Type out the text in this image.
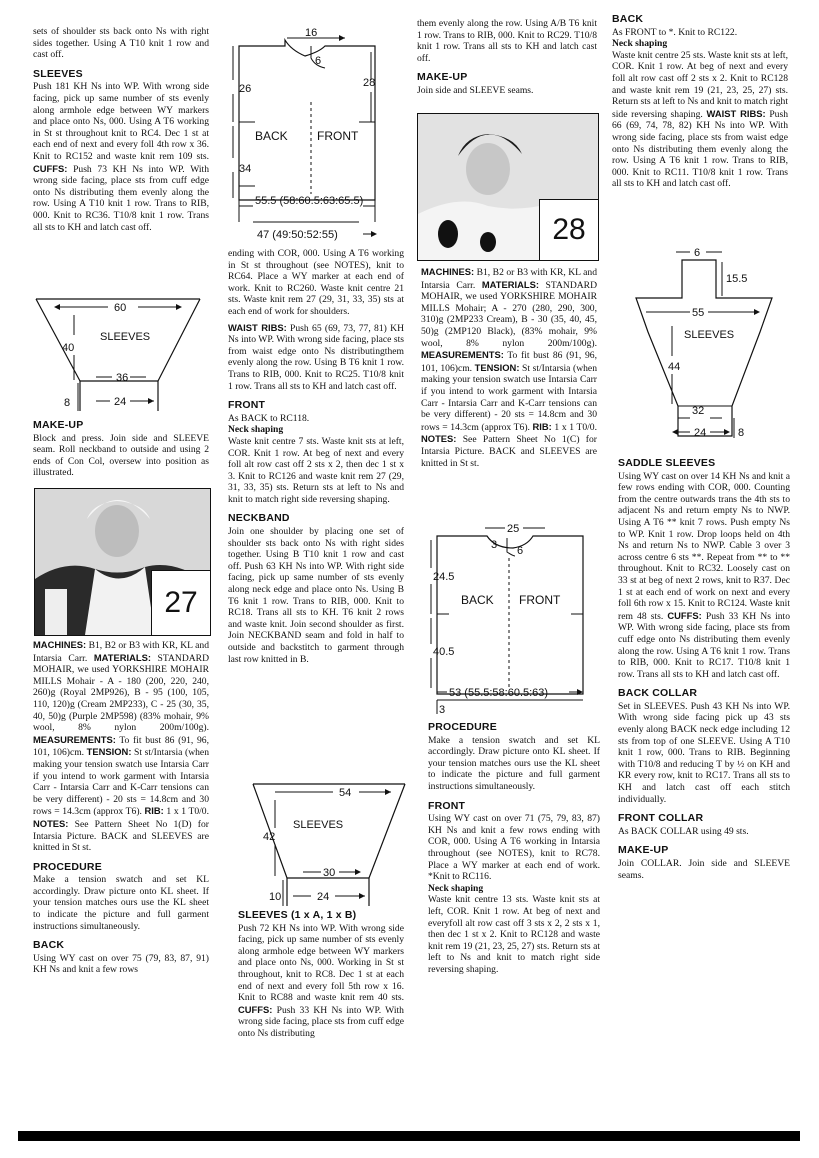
sets of shoulder sts back onto Ns with right sides together. Using A T10 knit 1 row and cast off.

SLEEVES

Push 181 KH Ns into WP. With wrong side facing, pick up same number of sts evenly along armhole edge between WY markers and place onto Ns, 000. Using A T6 working in St st throughout knit to RC4. Dec 1 st at each end of next and every foll 4th row x 36. Knit to RC152 and waste knit rem 109 sts. CUFFS: Push 73 KH Ns into WP. With wrong side facing, place sts from cuff edge onto Ns distributing them evenly along the row. Using A T10 knit 1 row. Trans to RIB, 000. Knit to RC36. T10/8 knit 1 row. Trans all sts to KH and latch cast off.

60
SLEEVES
40
36
8	24
MAKE-UP

Block and press. Join side and SLEEVE seam. Roll neckband to outside and using 2 ends of Con Col, oversew into position as illustrated.

27

MACHINES: B1, B2 or B3 with KR, KL and Intarsia Carr. MATERIALS: STANDARD MOHAIR, we used YORKSHIRE MOHAIR MILLS Mohair - A - 180 (200, 220, 240, 260)g (Royal 2MP926), B - 95 (100, 105, 110, 120)g (Cream 2MP233), C - 25 (30, 35, 40, 50)g (Purple 2MP598) (83% mohair, 9% wool, 8% nylon 200m/100g). MEASUREMENTS: To fit bust 86 (91, 96, 101, 106)cm. TENSION: St st/Intarsia (when making your tension swatch use Intarsia Carr if you intend to work garment with Intarsia Carr - Intarsia Carr and K-Carr tensions can be very different) - 20 sts = 14.8cm and 30 rows = 14.3cm (approx T6). RIB: 1 x 1 T0/0. NOTES: See Pattern Sheet No 1(D) for Intarsia Picture. BACK and SLEEVES are knitted in St st.

PROCEDURE

Make a tension swatch and set KL accordingly. Draw picture onto KL sheet. If your tension matches ours use the KL sheet to indicate the picture and full garment instructions simultaneously.

BACK

Using WY cast on over 75 (79, 83, 87, 91) KH Ns and knit a few rows

16
6
26	28
BACK FRONT
34
55.5 (58:60.5:63:65.5)
47 (49:50:52:55)

ending with COR, 000. Using A T6 working in St st throughout (see NOTES), knit to RC64. Place a WY marker at each end of work. Knit to RC260. Waste knit centre 21 sts. Waste knit rem 27 (29, 31, 33, 35) sts at each end of work for shoulders.

WAIST RIBS: Push 65 (69, 73, 77, 81) KH Ns into WP. With wrong side facing, place sts from waist edge onto Ns distributingthem evenly along the row. Using B T6 knit 1 row. Trans to RIB, 000. Knit to RC25. T10/8 knit 1 row. Trans all sts to KH and latch cast off.

FRONT

As BACK to RC118.

Neck shaping

Waste knit centre 7 sts. Waste knit sts at left, COR. Knit 1 row. At beg of next and every foll alt row cast off 2 sts x 2, then dec 1 st x 3. Knit to RC126 and waste knit rem 27 (29, 31, 33, 35) sts. Return sts at left to Ns and knit to match right side reversing shaping.

NECKBAND

Join one shoulder by placing one set of shoulder sts back onto Ns with right sides together. Using B T10 knit 1 row and cast off. Push 63 KH Ns into WP. With right side facing, pick up same number of sts evenly along neck edge and place onto Ns. Using B T6 knit 1 row. Trans to RIB, 000. Knit to RC18. Trans all sts to KH. T6 knit 2 rows and waste knit. Join second shoulder as first. Join NECKBAND seam and fold in half to outside and backstitch to garment through last row knitted in B.

54
SLEEVES
42
30
10	24
SLEEVES (1 x A, 1 x B)

Push 72 KH Ns into WP. With wrong side facing, pick up same number of sts evenly along armhole edge between WY markers and place onto Ns, 000. Working in St st throughout, knit to RC8. Dec 1 st at each end of next and every foll 5th row x 16. Knit to RC88 and waste knit rem 40 sts. CUFFS: Push 33 KH Ns into WP. With wrong side facing, place sts from cuff edge onto Ns distributing

them evenly along the row. Using A/B T6 knit 1 row. Trans to RIB, 000. Knit to RC29. T10/8 knit 1 row. Trans all sts to KH and latch cast off.

MAKE-UP

Join side and SLEEVE seams.

28

MACHINES: B1, B2 or B3 with KR, KL and Intarsia Carr. MATERIALS: STANDARD MOHAIR, we used YORKSHIRE MOHAIR MILLS Mohair; A - 270 (280, 290, 300, 310)g (2MP233 Cream), B - 30 (35, 40, 45, 50)g (2MP120 Black), (83% mohair, 9% wool, 8% nylon 200m/100g). MEASUREMENTS: To fit bust 86 (91, 96, 101, 106)cm. TENSION: St st/Intarsia (when making your tension swatch use Intarsia Carr if you intend to work garment with Intarsia Carr - Intarsia Carr and K-Carr tensions can be very different) - 20 sts = 14.8cm and 30 rows = 14.3cm (approx T6). RIB: 1 x 1 T0/0. NOTES: See Pattern Sheet No 1(C) for Intarsia Picture. BACK and SLEEVES are knitted in St st.

25
3 6
24.5
BACK FRONT
40.5
53 (55.5:58:60.5:63)
3
PROCEDURE

Make a tension swatch and set KL accordingly. Draw picture onto KL sheet. If your tension matches ours use the KL sheet to indicate the picture and full garment instructions simultaneously.

FRONT

Using WY cast on over 71 (75, 79, 83, 87) KH Ns and knit a few rows ending with COR, 000. Using A T6 working in Intarsia throughout (see NOTES), knit to RC78. Place a WY marker at each end of work. *Knit to RC116.

Neck shaping

Waste knit centre 13 sts. Waste knit sts at left, COR. Knit 1 row. At beg of next and everyfoll alt row cast off 3 sts x 2, 2 sts x 1, then dec 1 st x 2. Knit to RC128 and waste knit rem 19 (21, 23, 25, 27) sts. Return sts at left to Ns and knit to match right side reversing shaping.

BACK

As FRONT to *. Knit to RC122.

Neck shaping

Waste knit centre 25 sts. Waste knit sts at left, COR. Knit 1 row. At beg of next and every foll alt row cast off 2 sts x 2. Knit to RC128 and waste knit rem 19 (21, 23, 25, 27) sts. Return sts at left to Ns and knit to match right side reversing shaping. WAIST RIBS: Push 66 (69, 74, 78, 82) KH Ns into WP. With wrong side facing, place sts from waist edge onto Ns distributing them evenly along the row. Using A T6 knit 1 row. Trans to RIB, 000. Knit to RC11. T10/8 knit 1 row. Trans all sts to KH and latch cast off.

6
15.5
55
SLEEVES
44
32
24	8
SADDLE SLEEVES

Using WY cast on over 14 KH Ns and knit a few rows ending with COR, 000. Counting from the centre outwards trans the 4th sts to adjacent Ns and return empty Ns to NWP. Using A T6 ** knit 7 rows. Push empty Ns to WP. Knit 1 row. Drop loops held on 4th Ns and return Ns to NWP. Cable 3 over 3 across centre 6 sts **. Repeat from ** to ** throughout. Knit to RC32. Loosely cast on 33 st at beg of next 2 rows, knit to R37. Dec 1 st at each end of work on next and every foll 6th row x 15. Knit to RC124. Waste knit rem 48 sts. CUFFS: Push 33 KH Ns into WP. With wrong side facing, place sts from cuff edge onto Ns distributing them evenly along the row. Using A T6 knit 1 row. Trans to RIB, 000. Knit to RC17. T10/8 knit 1 row. Trans all sts to KH and latch cast off.

BACK COLLAR

Set in SLEEVES. Push 43 KH Ns into WP. With wrong side facing pick up 43 sts evenly along BACK neck edge including 12 sts from top of one SLEEVE. Using A T10 knit 1 row, 000. Trans to RIB. Beginning with T10/8 and reducing T by ½ on KH and KR every row, knit to RC17. Trans all sts to KH and latch cast off each stitch individually.

FRONT COLLAR

As BACK COLLAR using 49 sts.

MAKE-UP

Join COLLAR. Join side and SLEEVE seams.
